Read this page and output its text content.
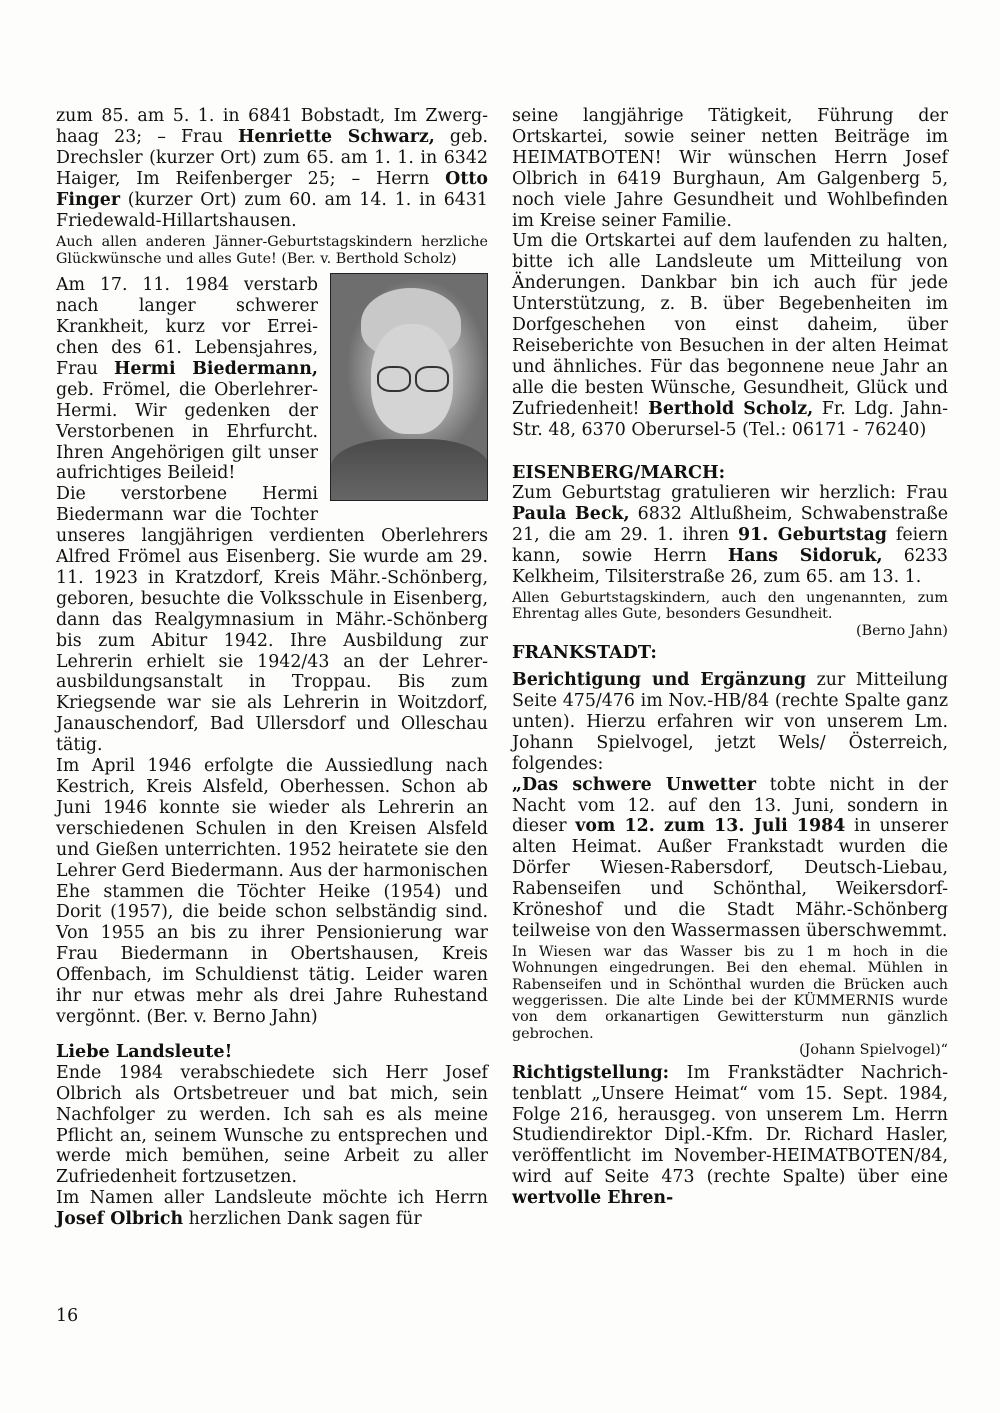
zum 85. am 5. 1. in 6841 Bobstadt, Im Zwerghaag 23; – Frau Henriette Schwarz, geb. Drechsler (kurzer Ort) zum 65. am 1. 1. in 6342 Haiger, Im Reifenberger 25; – Herrn Otto Finger (kurzer Ort) zum 60. am 14. 1. in 6431 Friedewald-Hillartshausen.

Auch allen anderen Jänner-Geburtstagskindern herzliche Glückwünsche und alles Gute! (Ber. v. Berthold Scholz)

Am 17. 11. 1984 verstarb nach langer schwerer Krankheit, kurz vor Erreichen des 61. Lebensjahres, Frau Hermi Biedermann, geb. Frömel, die Oberlehrer-Hermi. Wir gedenken der Verstorbenen in Ehrfurcht. Ihren Angehörigen gilt unser aufrichtiges Beileid!

Die verstorbene Hermi Biedermann war die Tochter unseres langjährigen verdienten Oberlehrers Alfred Frömel aus Eisenberg. Sie wurde am 29. 11. 1923 in Kratzdorf, Kreis Mähr.-Schönberg, geboren, besuchte die Volksschule in Eisenberg, dann das Realgymnasium in Mähr.-Schönberg bis zum Abitur 1942. Ihre Ausbildung zur Lehrerin erhielt sie 1942/43 an der Lehrerausbildungsanstalt in Troppau. Bis zum Kriegsende war sie als Lehrerin in Woitzdorf, Janauschendorf, Bad Ullersdorf und Olleschau tätig.

Im April 1946 erfolgte die Aussiedlung nach Kestrich, Kreis Alsfeld, Oberhessen. Schon ab Juni 1946 konnte sie wieder als Lehrerin an verschiedenen Schulen in den Kreisen Alsfeld und Gießen unterrichten. 1952 heiratete sie den Lehrer Gerd Biedermann. Aus der harmonischen Ehe stammen die Töchter Heike (1954) und Dorit (1957), die beide schon selbständig sind. Von 1955 an bis zu ihrer Pensionierung war Frau Biedermann in Obertshausen, Kreis Offenbach, im Schuldienst tätig. Leider waren ihr nur etwas mehr als drei Jahre Ruhestand vergönnt. (Ber. v. Berno Jahn)

Liebe Landsleute!

Ende 1984 verabschiedete sich Herr Josef Olbrich als Ortsbetreuer und bat mich, sein Nachfolger zu werden. Ich sah es als meine Pflicht an, seinem Wunsche zu entsprechen und werde mich bemühen, seine Arbeit zu aller Zufriedenheit fortzusetzen.

Im Namen aller Landsleute möchte ich Herrn Josef Olbrich herzlichen Dank sagen für

seine langjährige Tätigkeit, Führung der Ortskartei, sowie seiner netten Beiträge im HEIMATBOTEN! Wir wünschen Herrn Josef Olbrich in 6419 Burghaun, Am Galgenberg 5, noch viele Jahre Gesundheit und Wohlbefinden im Kreise seiner Familie.

Um die Ortskartei auf dem laufenden zu halten, bitte ich alle Landsleute um Mitteilung von Änderungen. Dankbar bin ich auch für jede Unterstützung, z. B. über Begebenheiten im Dorfgeschehen von einst daheim, über Reiseberichte von Besuchen in der alten Heimat und ähnliches. Für das begonnene neue Jahr an alle die besten Wünsche, Gesundheit, Glück und Zufriedenheit! Berthold Scholz, Fr. Ldg. Jahn-Str. 48, 6370 Oberursel-5 (Tel.: 06171 - 76240)

EISENBERG/MARCH:

Zum Geburtstag gratulieren wir herzlich: Frau Paula Beck, 6832 Altlußheim, Schwabenstraße 21, die am 29. 1. ihren 91. Geburtstag feiern kann, sowie Herrn Hans Sidoruk, 6233 Kelkheim, Tilsiterstraße 26, zum 65. am 13. 1.

Allen Geburtstagskindern, auch den ungenannten, zum Ehrentag alles Gute, besonders Gesundheit.

(Berno Jahn)

FRANKSTADT:

Berichtigung und Ergänzung zur Mitteilung Seite 475/476 im Nov.-HB/84 (rechte Spalte ganz unten). Hierzu erfahren wir von unserem Lm. Johann Spielvogel, jetzt Wels/ Österreich, folgendes:

„Das schwere Unwetter tobte nicht in der Nacht vom 12. auf den 13. Juni, sondern in dieser vom 12. zum 13. Juli 1984 in unserer alten Heimat. Außer Frankstadt wurden die Dörfer Wiesen-Rabersdorf, Deutsch-Liebau, Rabenseifen und Schönthal, Weikersdorf-Kröneshof und die Stadt Mähr.-Schönberg teilweise von den Wassermassen überschwemmt.

In Wiesen war das Wasser bis zu 1 m hoch in die Wohnungen eingedrungen. Bei den ehemal. Mühlen in Rabenseifen und in Schönthal wurden die Brücken auch weggerissen. Die alte Linde bei der KÜMMERNIS wurde von dem orkanartigen Gewittersturm nun gänzlich gebrochen.

(Johann Spielvogel)“

Richtigstellung: Im Frankstädter Nachrichtenblatt „Unsere Heimat“ vom 15. Sept. 1984, Folge 216, herausgeg. von unserem Lm. Herrn Studiendirektor Dipl.-Kfm. Dr. Richard Hasler, veröffentlicht im November-HEIMATBOTEN/84, wird auf Seite 473 (rechte Spalte) über eine wertvolle Ehren-

16
